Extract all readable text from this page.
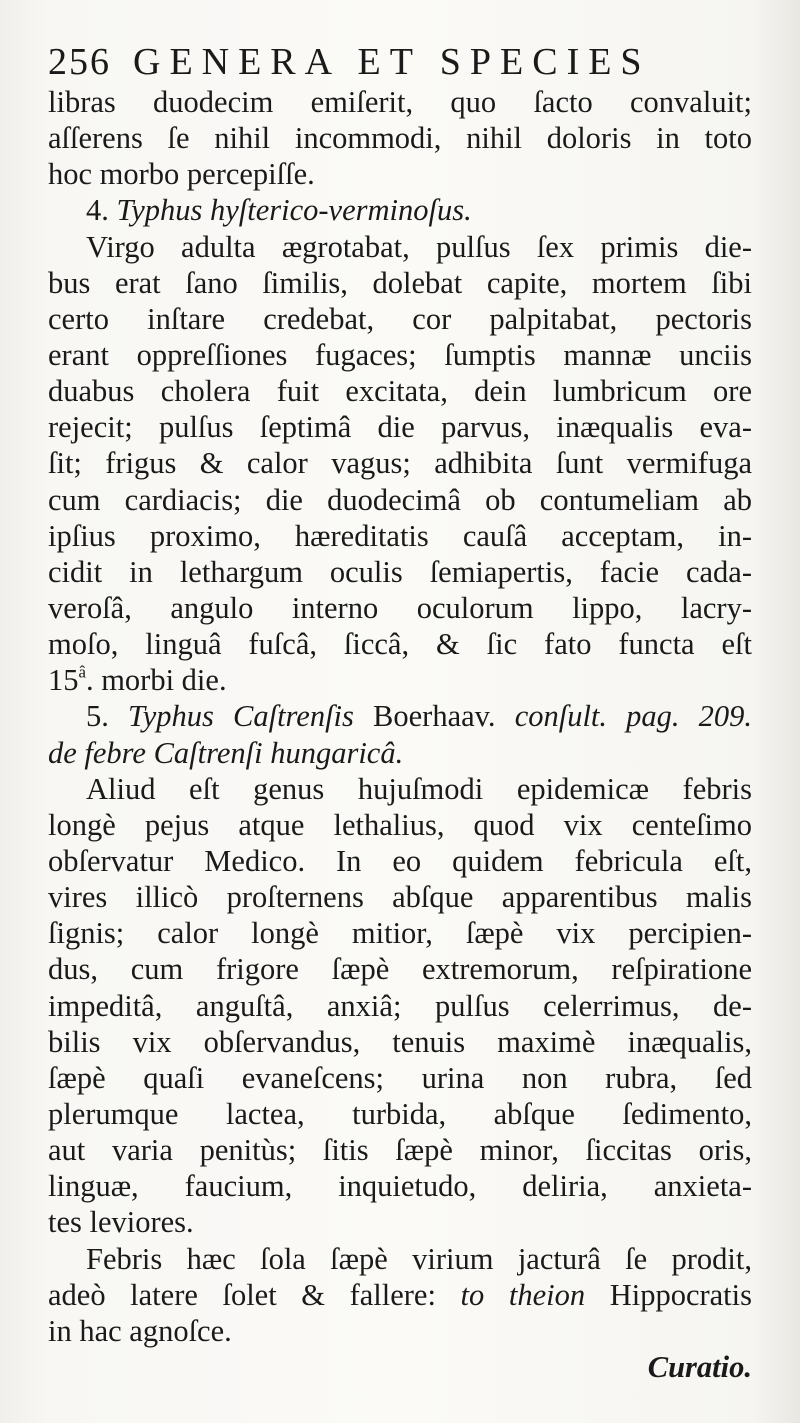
256 GENERA ET SPECIES
libras duodecim emiſerit, quo ſacto convaluit;
aſſerens ſe nihil incommodi, nihil doloris in toto
hoc morbo percepiſſe.
4. Typhus hyſterico-verminoſus.
Virgo adulta ægrotabat, pulſus ſex primis die-
bus erat ſano ſimilis, dolebat capite, mortem ſibi
certo inſtare credebat, cor palpitabat, pectoris
erant oppreſſiones fugaces; ſumptis mannæ unciis
duabus cholera fuit excitata, dein lumbricum ore
rejecit; pulſus ſeptimâ die parvus, inæqualis eva-
ſit; frigus & calor vagus; adhibita ſunt vermifuga
cum cardiacis; die duodecimâ ob contumeliam ab
ipſius proximo, hæreditatis cauſâ acceptam, in-
cidit in lethargum oculis ſemiapertis, facie cada-
veroſâ, angulo interno oculorum lippo, lacry-
moſo, linguâ fuſcâ, ſiccâ, & ſic fato functa eſt
$15^â$. morbi die.
5. Typhus Caſtrenſis Boerhaav. conſult. pag. 209.
de febre Caſtrenſi hungaricâ.
Aliud eſt genus hujuſmodi epidemicæ febris
longè pejus atque lethalius, quod vix centeſimo
obſervatur Medico. In eo quidem febricula eſt,
vires illicò proſternens abſque apparentibus malis
ſignis; calor longè mitior, ſæpè vix percipien-
dus, cum frigore ſæpè extremorum, reſpiratione
impeditâ, anguſtâ, anxiâ; pulſus celerrimus, de-
bilis vix obſervandus, tenuis maximè inæqualis,
ſæpè quaſi evaneſcens; urina non rubra, ſed
plerumque lactea, turbida, abſque ſedimento,
aut varia penitùs; ſitis ſæpè minor, ſiccitas oris,
linguæ, faucium, inquietudo, deliria, anxieta-
tes leviores.
Febris hæc ſola ſæpè virium jacturâ ſe prodit,
adeò latere ſolet & fallere: to theion Hippocratis
in hac agnoſce.
Curatio.
